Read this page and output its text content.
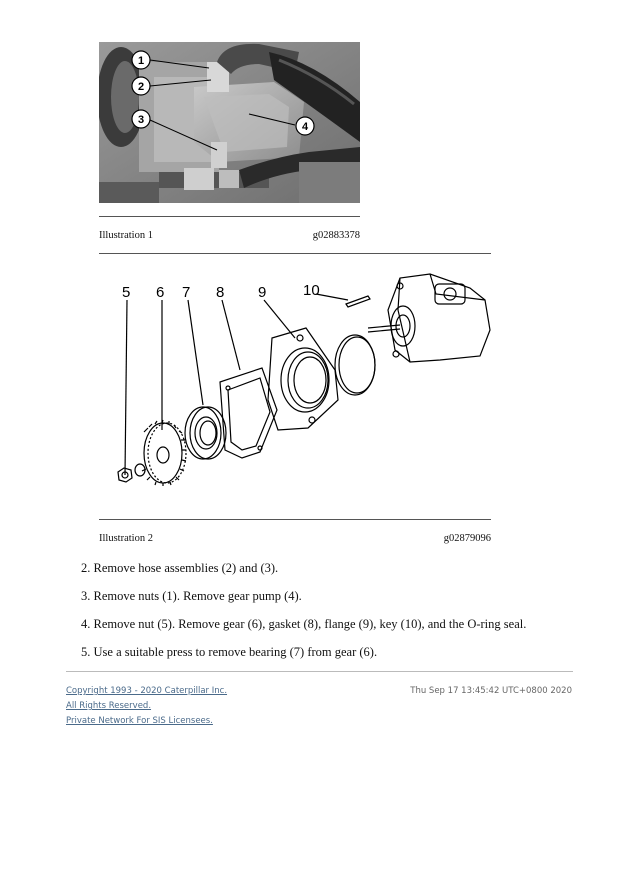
1
2
3
4
Illustration 1	g02883378
5 6 7 8 9 10
Illustration 2	g02879096
2. Remove hose assemblies (2) and (3).
3. Remove nuts (1). Remove gear pump (4).
4. Remove nut (5). Remove gear (6), gasket (8), flange (9), key (10), and the O-ring seal.
5. Use a suitable press to remove bearing (7) from gear (6).
Copyright 1993 - 2020 Caterpillar Inc.	Thu Sep 17 13:45:42 UTC+0800 2020
All Rights Reserved.
Private Network For SIS Licensees.
